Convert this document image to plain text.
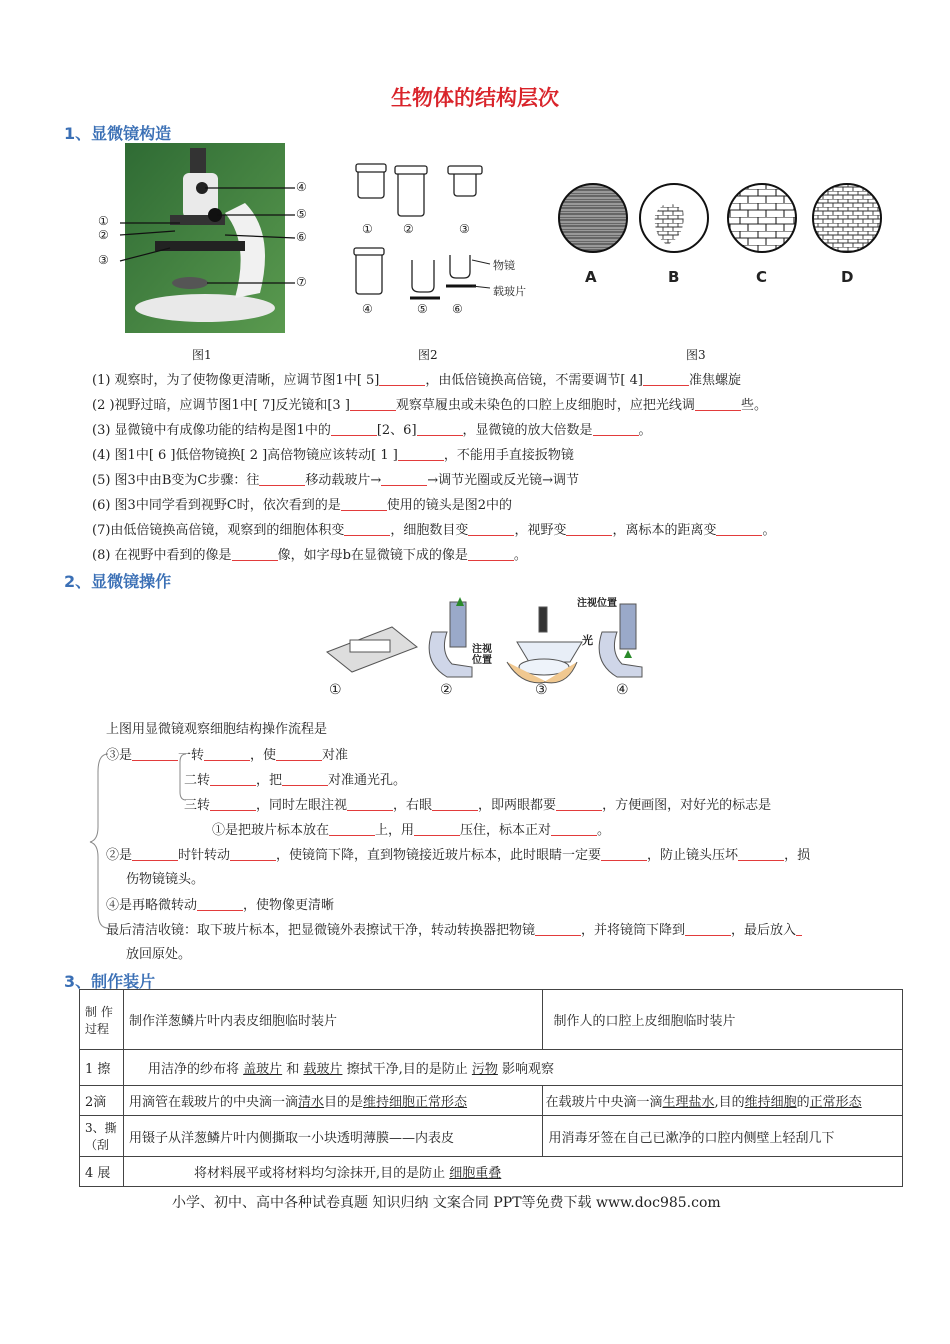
生物体的结构层次
1、显微镜构造
①
②
③
④
⑤
⑥
⑦
图1
①	②	③
④	⑤ ⑥
物镜
载玻片
图2
A	B	C	D
图3
(1) 观察时，为了使物像更清晰，应调节图1中[ 5]	，由低倍镜换高倍镜，不需要调节[ 4]	准焦螺旋
(2 )视野过暗，应调节图1中[ 7]反光镜和[3 ]	观察草履虫或未染色的口腔上皮细胞时，应把光线调	些。
(3) 显微镜中有成像功能的结构是图1中的	[2、6]	，显微镜的放大倍数是	。
(4) 图1中[ 6 ]低倍物镜换[ 2 ]高倍物镜应该转动[ 1 ]	，不能用手直接扳物镜
(5) 图3中由B变为C步骤：往	移动载玻片→	→调节光圈或反光镜→调节
(6) 图3中同学看到视野C时，依次看到的是	使用的镜头是图2中的
(7)由低倍镜换高倍镜，观察到的细胞体积变	，细胞数目变	，视野变	，离标本的距离变	。
(8) 在视野中看到的像是	像，如字母b在显微镜下成的像是	。
2、显微镜操作
①	②	③	④
注视位置
注视位置
光
上图用显微镜观察细胞结构操作流程是
③是	一转	，使	对准
二转	，把	对准通光孔。
三转	，同时左眼注视	，右眼	，即两眼都要	，方便画图，对好光的标志是
①是把玻片标本放在	上，用	压住，标本正对	。
②是	时针转动	，使镜筒下降，直到物镜接近玻片标本，此时眼睛一定要	，防止镜头压坏	，损
伤物镜镜头。
④是再略微转动	，使物像更清晰
最后清洁收镜：取下玻片标本，把显微镜外表擦试干净，转动转换器把物镜	，并将镜筒下降到	，最后放入
放回原处。
3、制作装片
制 作过程	制作洋葱鳞片叶内表皮细胞临时装片	制作人的口腔上皮细胞临时装片
1 擦	用洁净的纱布将 盖玻片 和 载玻片 擦拭干净,目的是防止 污物 影响观察	
2滴	用滴管在载玻片的中央滴一滴清水目的是维持细胞正常形态	在载玻片中央滴一滴生理盐水,目的维持细胞的正常形态
3、撕（刮	用镊子从洋葱鳞片叶内侧撕取一小块透明薄膜——内表皮	用消毒牙签在自己已漱净的口腔内侧壁上轻刮几下
4 展	将材料展平或将材料均匀涂抹开,目的是防止 细胞重叠	
小学、初中、高中各种试卷真题 知识归纳 文案合同 PPT等免费下载 www.doc985.com
